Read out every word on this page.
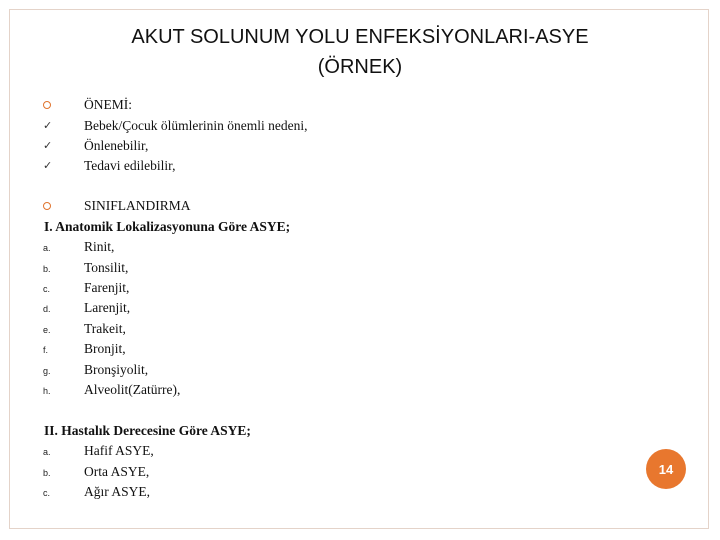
AKUT SOLUNUM YOLU ENFEKSİYONLARI-ASYE
(ÖRNEK)
ÖNEMİ:
✓ Bebek/Çocuk ölümlerinin önemli nedeni,
✓ Önlenebilir,
✓ Tedavi edilebilir,
SINIFLANDIRMA
I. Anatomik Lokalizasyonuna Göre ASYE;
a. Rinit,
b. Tonsilit,
c.	Farenjit,
d. Larenjit,
e. Trakeit,
f.	Bronjit,
g. Bronşiyolit,
h. Alveolit(Zatürre),
II. Hastalık Derecesine Göre ASYE;
a. Hafif ASYE,
b. Orta ASYE,
c.	Ağır ASYE,
14
